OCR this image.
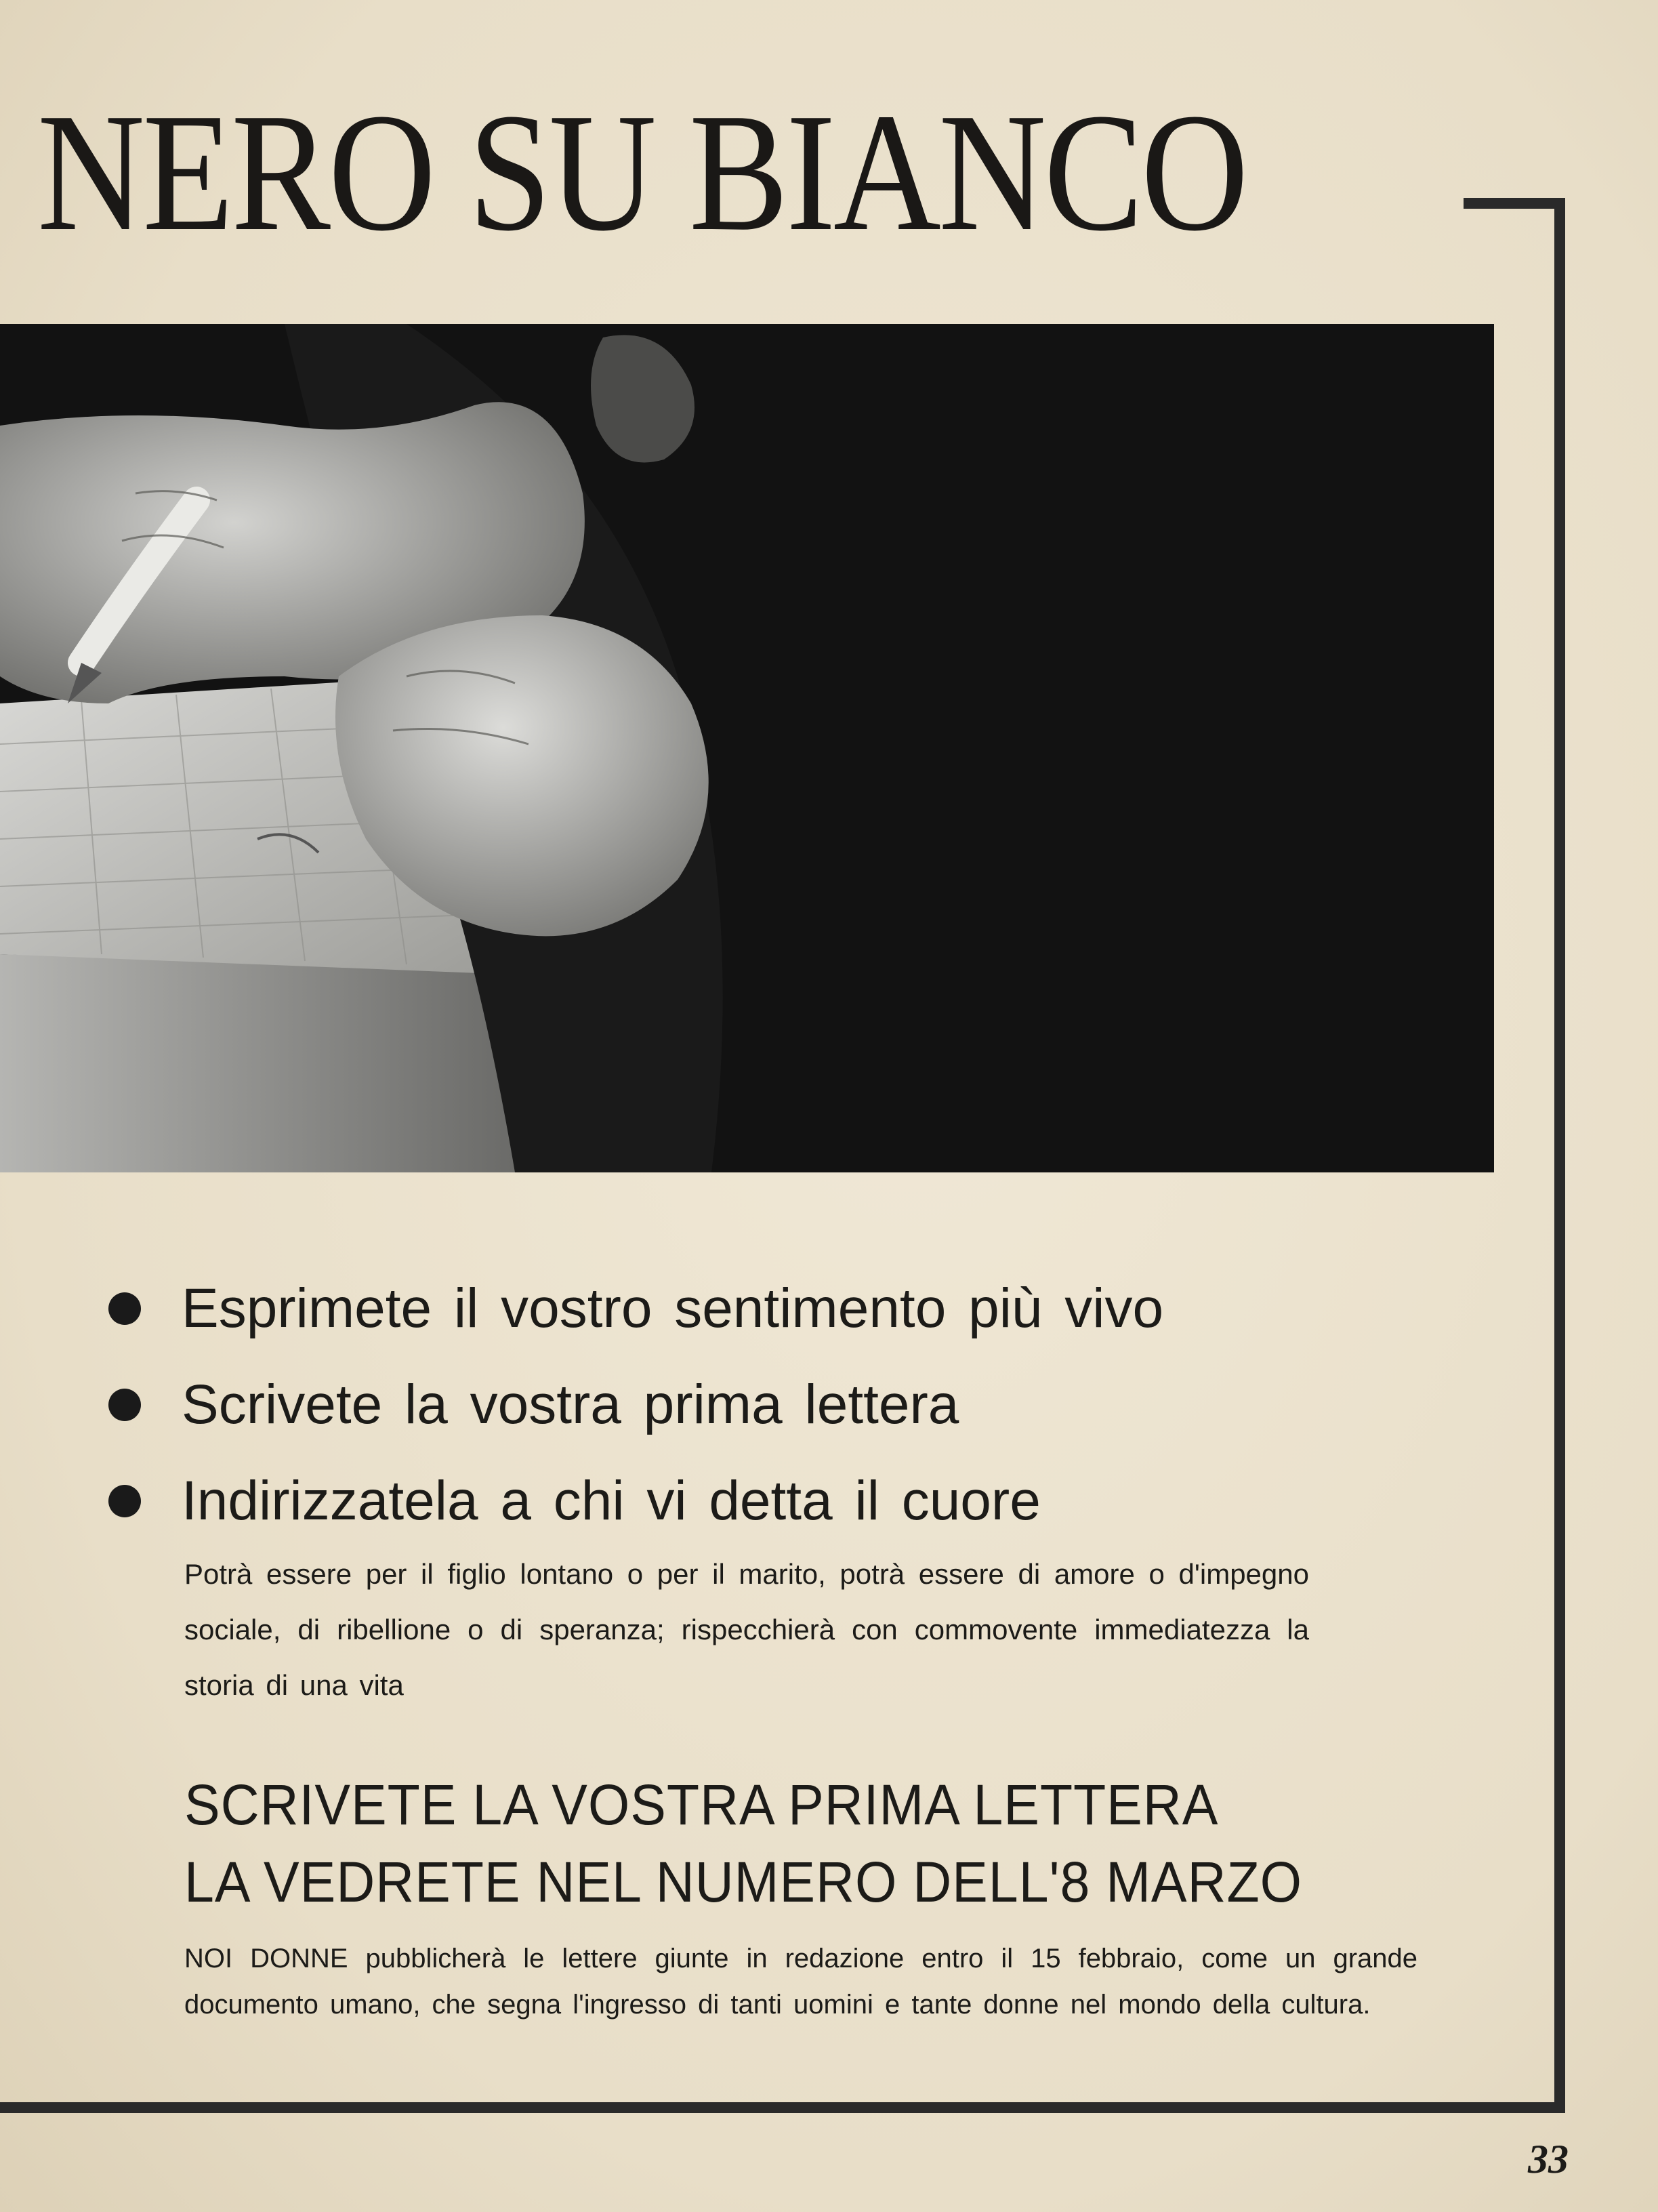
NERO SU BIANCO
Esprimete il vostro sentimento più vivo
Scrivete la vostra prima lettera
Indirizzatela a chi vi detta il cuore
Potrà essere per il figlio lontano o per il marito, potrà essere di amore o d'impegno sociale, di ribellione o di speranza; rispecchierà con commovente immediatezza la storia di una vita
SCRIVETE LA VOSTRA PRIMA LETTERA
LA VEDRETE NEL NUMERO DELL'8 MARZO
NOI DONNE pubblicherà le lettere giunte in redazione entro il 15 febbraio, come un grande documento umano, che segna l'ingresso di tanti uomini e tante donne nel mondo della cultura.
33
